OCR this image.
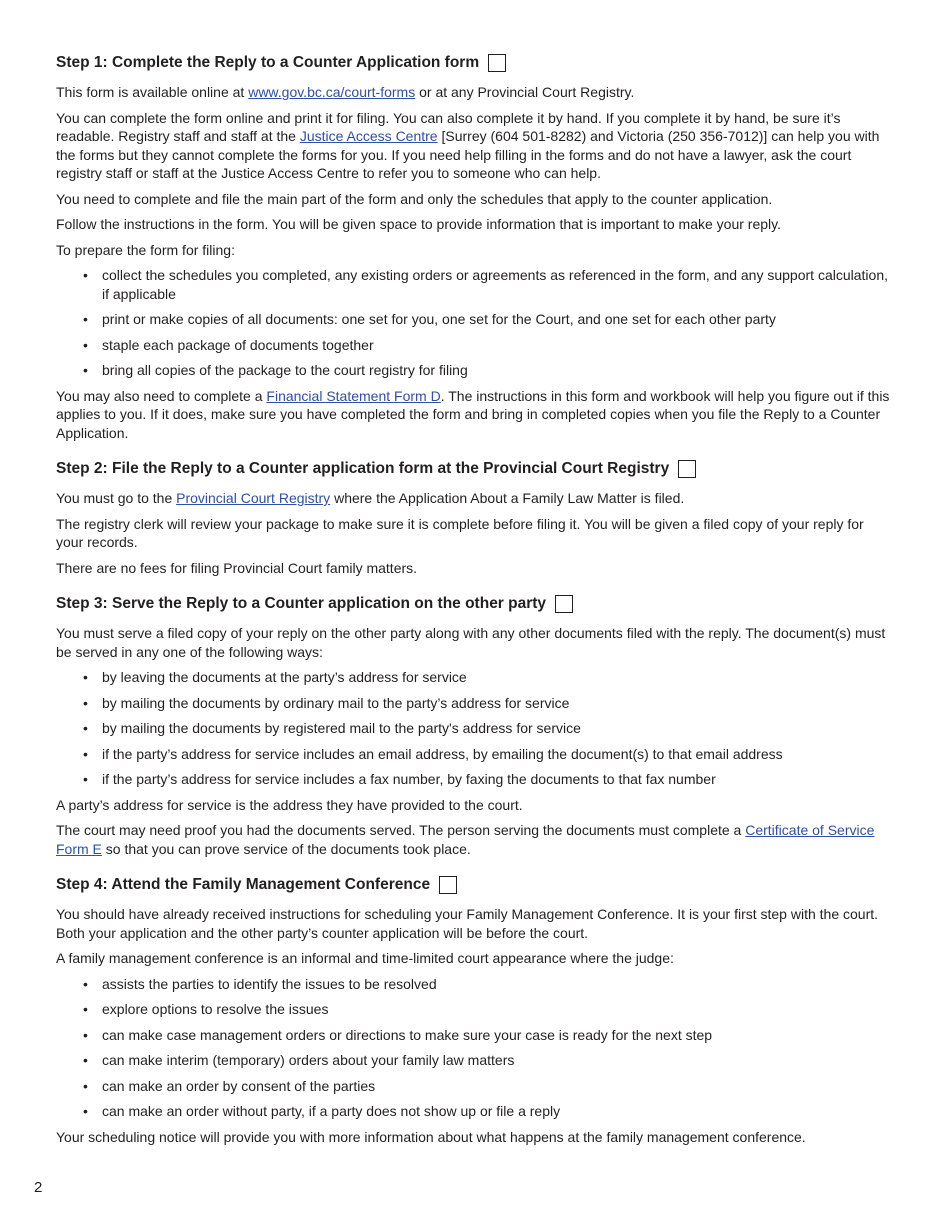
Step 1: Complete the Reply to a Counter Application form

This form is available online at www.gov.bc.ca/court-forms or at any Provincial Court Registry.

You can complete the form online and print it for filing. You can also complete it by hand. If you complete it by hand, be sure it’s readable. Registry staff and staff at the Justice Access Centre [Surrey (604 501-8282) and Victoria (250 356-7012)] can help you with the forms but they cannot complete the forms for you. If you need help filling in the forms and do not have a lawyer, ask the court registry staff or staff at the Justice Access Centre to refer you to someone who can help.

You need to complete and file the main part of the form and only the schedules that apply to the counter application.

Follow the instructions in the form. You will be given space to provide information that is important to make your reply.

To prepare the form for filing:

• collect the schedules you completed, any existing orders or agreements as referenced in the form, and any support calculation, if applicable
• print or make copies of all documents: one set for you, one set for the Court, and one set for each other party
• staple each package of documents together
• bring all copies of the package to the court registry for filing

You may also need to complete a Financial Statement Form D. The instructions in this form and workbook will help you figure out if this applies to you. If it does, make sure you have completed the form and bring in completed copies when you file the Reply to a Counter Application.

Step 2: File the Reply to a Counter application form at the Provincial Court Registry

You must go to the Provincial Court Registry where the Application About a Family Law Matter is filed.

The registry clerk will review your package to make sure it is complete before filing it. You will be given a filed copy of your reply for your records.

There are no fees for filing Provincial Court family matters.

Step 3: Serve the Reply to a Counter application on the other party

You must serve a filed copy of your reply on the other party along with any other documents filed with the reply. The document(s) must be served in any one of the following ways:

• by leaving the documents at the party’s address for service
• by mailing the documents by ordinary mail to the party’s address for service
• by mailing the documents by registered mail to the party's address for service
• if the party’s address for service includes an email address, by emailing the document(s) to that email address
• if the party’s address for service includes a fax number, by faxing the documents to that fax number

A party’s address for service is the address they have provided to the court.

The court may need proof you had the documents served. The person serving the documents must complete a Certificate of Service Form E so that you can prove service of the documents took place.

Step 4: Attend the Family Management Conference

You should have already received instructions for scheduling your Family Management Conference. It is your first step with the court. Both your application and the other party’s counter application will be before the court.

A family management conference is an informal and time-limited court appearance where the judge:

• assists the parties to identify the issues to be resolved
• explore options to resolve the issues
• can make case management orders or directions to make sure your case is ready for the next step
• can make interim (temporary) orders about your family law matters
• can make an order by consent of the parties
• can make an order without party, if a party does not show up or file a reply

Your scheduling notice will provide you with more information about what happens at the family management conference.

2
